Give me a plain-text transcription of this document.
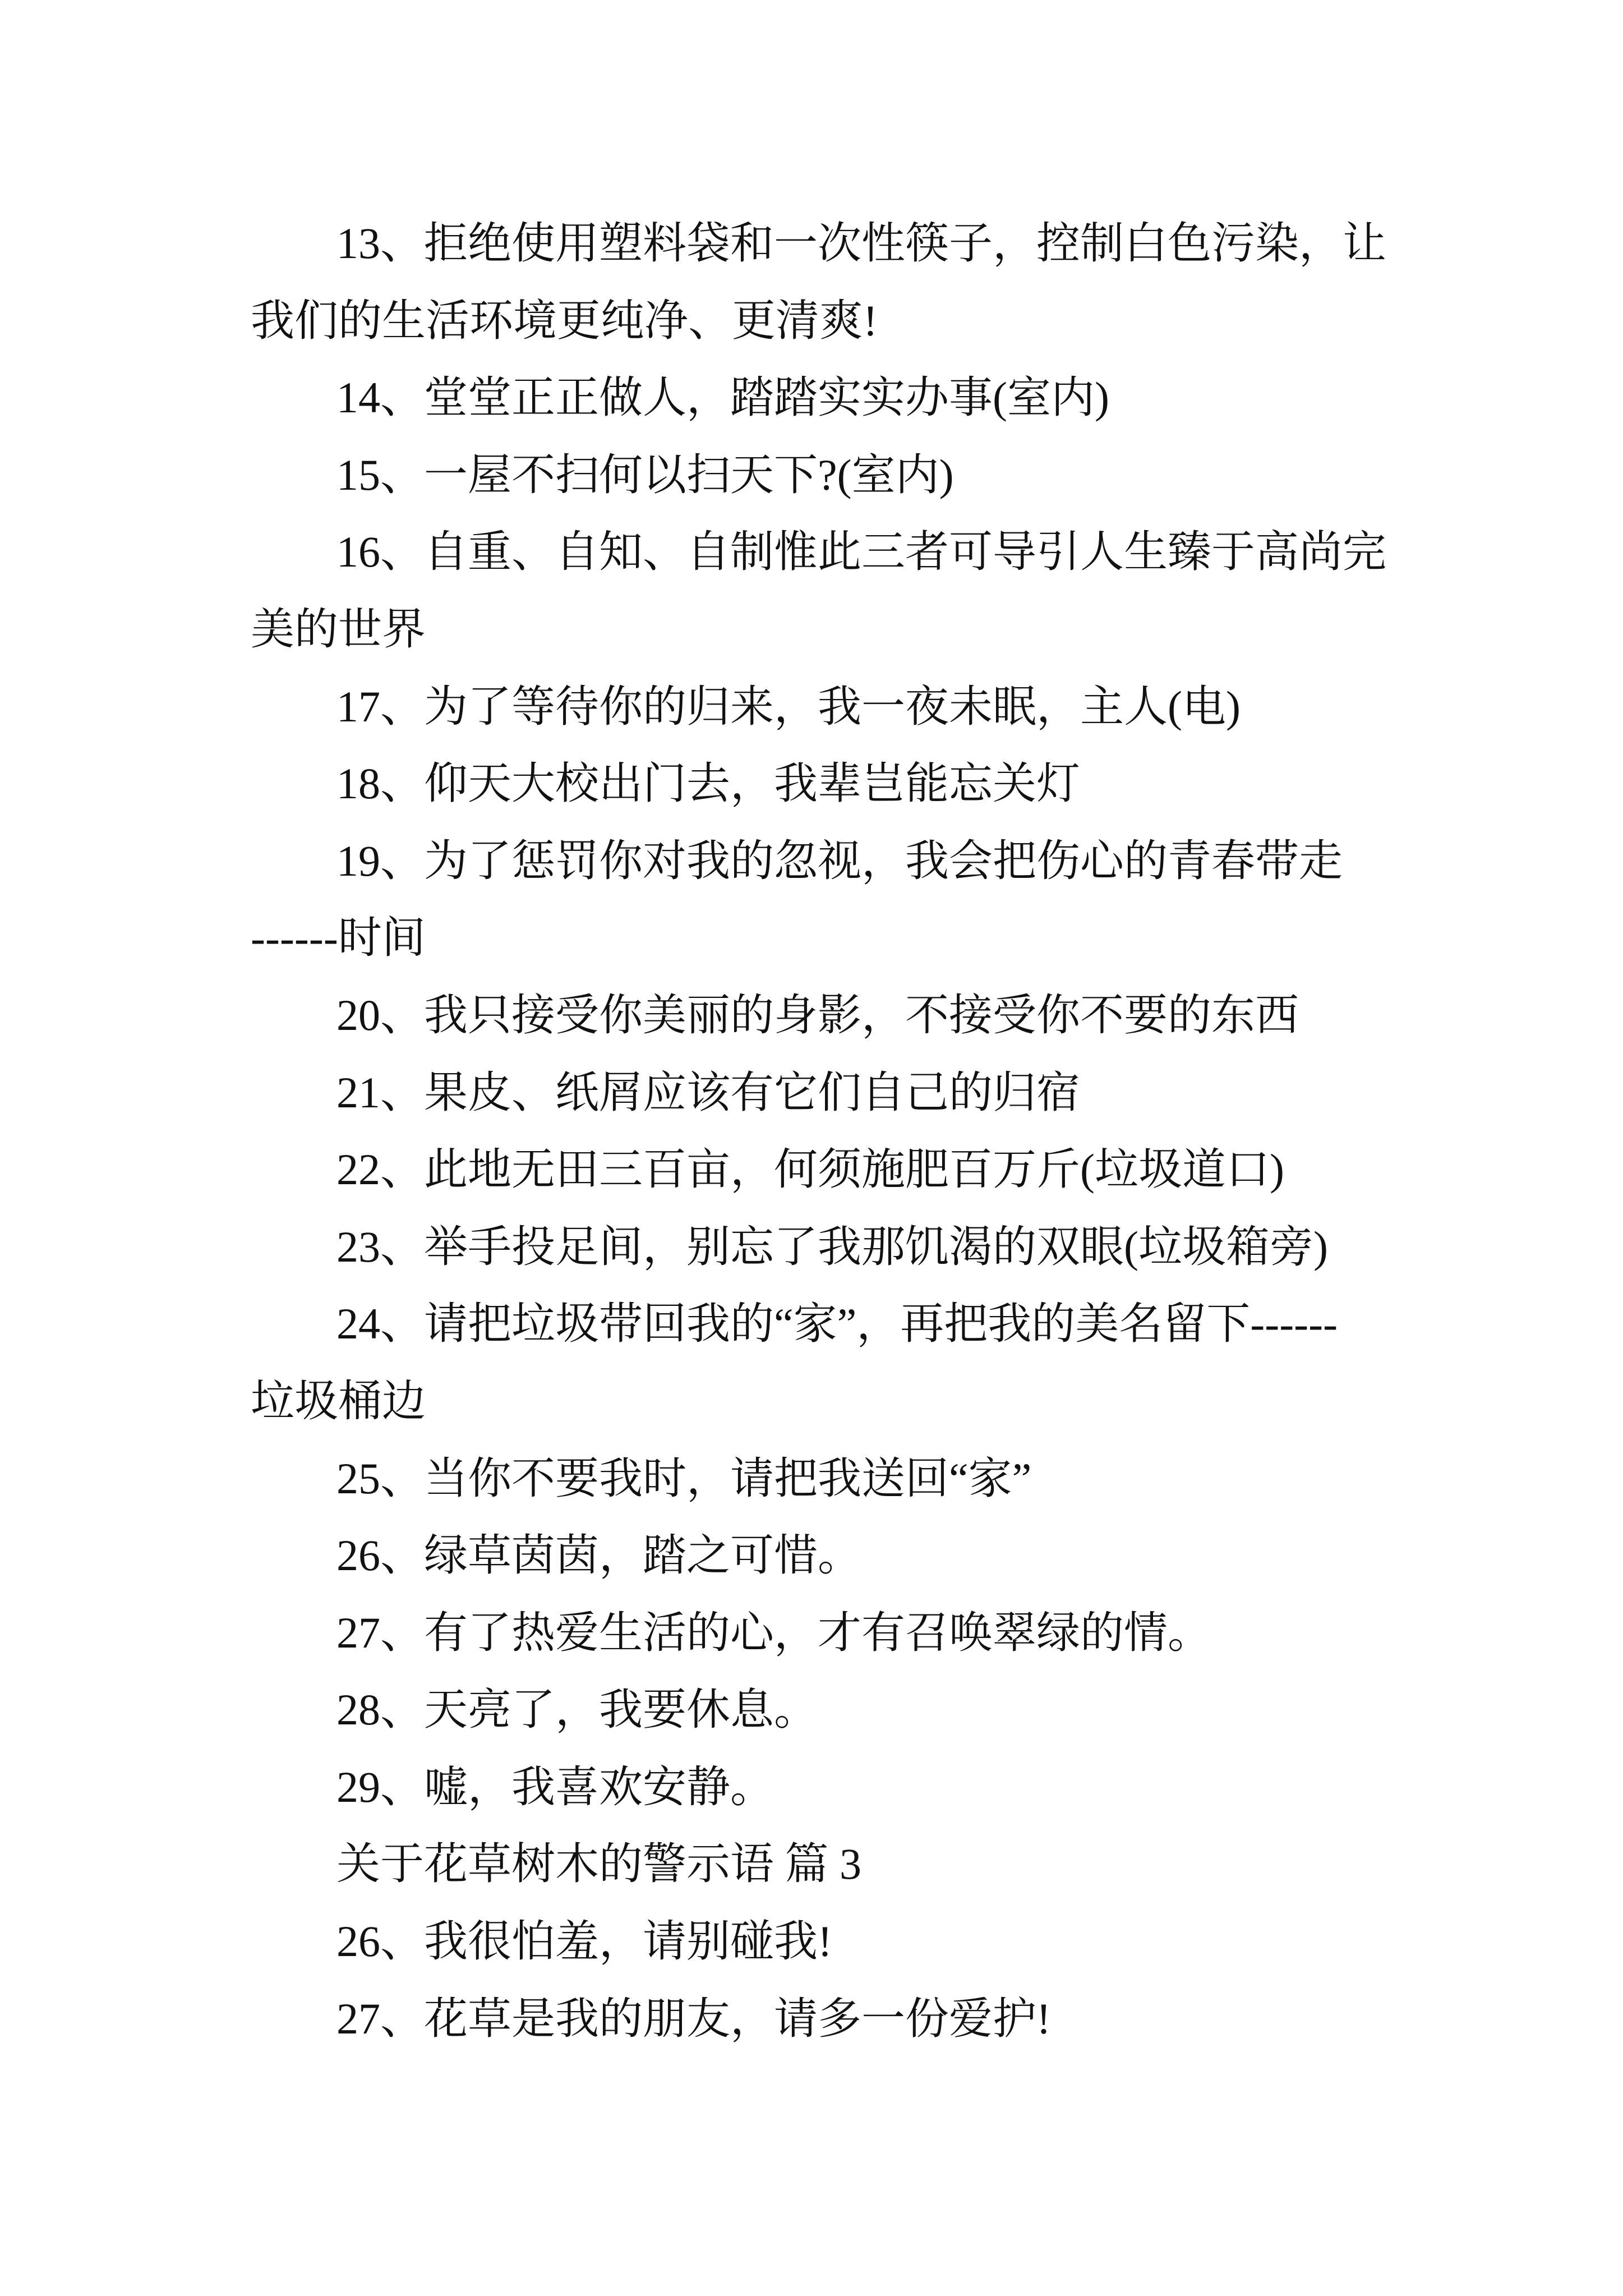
13、拒绝使用塑料袋和一次性筷子，控制白色污染，让
我们的生活环境更纯净、更清爽!
14、堂堂正正做人，踏踏实实办事(室内)
15、一屋不扫何以扫天下?(室内)
16、自重、自知、自制惟此三者可导引人生臻于高尚完
美的世界
17、为了等待你的归来，我一夜未眠，主人(电)
18、仰天大校出门去，我辈岂能忘关灯
19、为了惩罚你对我的忽视，我会把伤心的青春带走
------时间
20、我只接受你美丽的身影，不接受你不要的东西
21、果皮、纸屑应该有它们自己的归宿
22、此地无田三百亩，何须施肥百万斤(垃圾道口)
23、举手投足间，别忘了我那饥渴的双眼(垃圾箱旁)
24、请把垃圾带回我的“家”，再把我的美名留下------
垃圾桶边
25、当你不要我时，请把我送回“家”
26、绿草茵茵，踏之可惜。
27、有了热爱生活的心，才有召唤翠绿的情。
28、天亮了，我要休息。
29、嘘，我喜欢安静。
关于花草树木的警示语 篇 3
26、我很怕羞，请别碰我!
27、花草是我的朋友，请多一份爱护!
